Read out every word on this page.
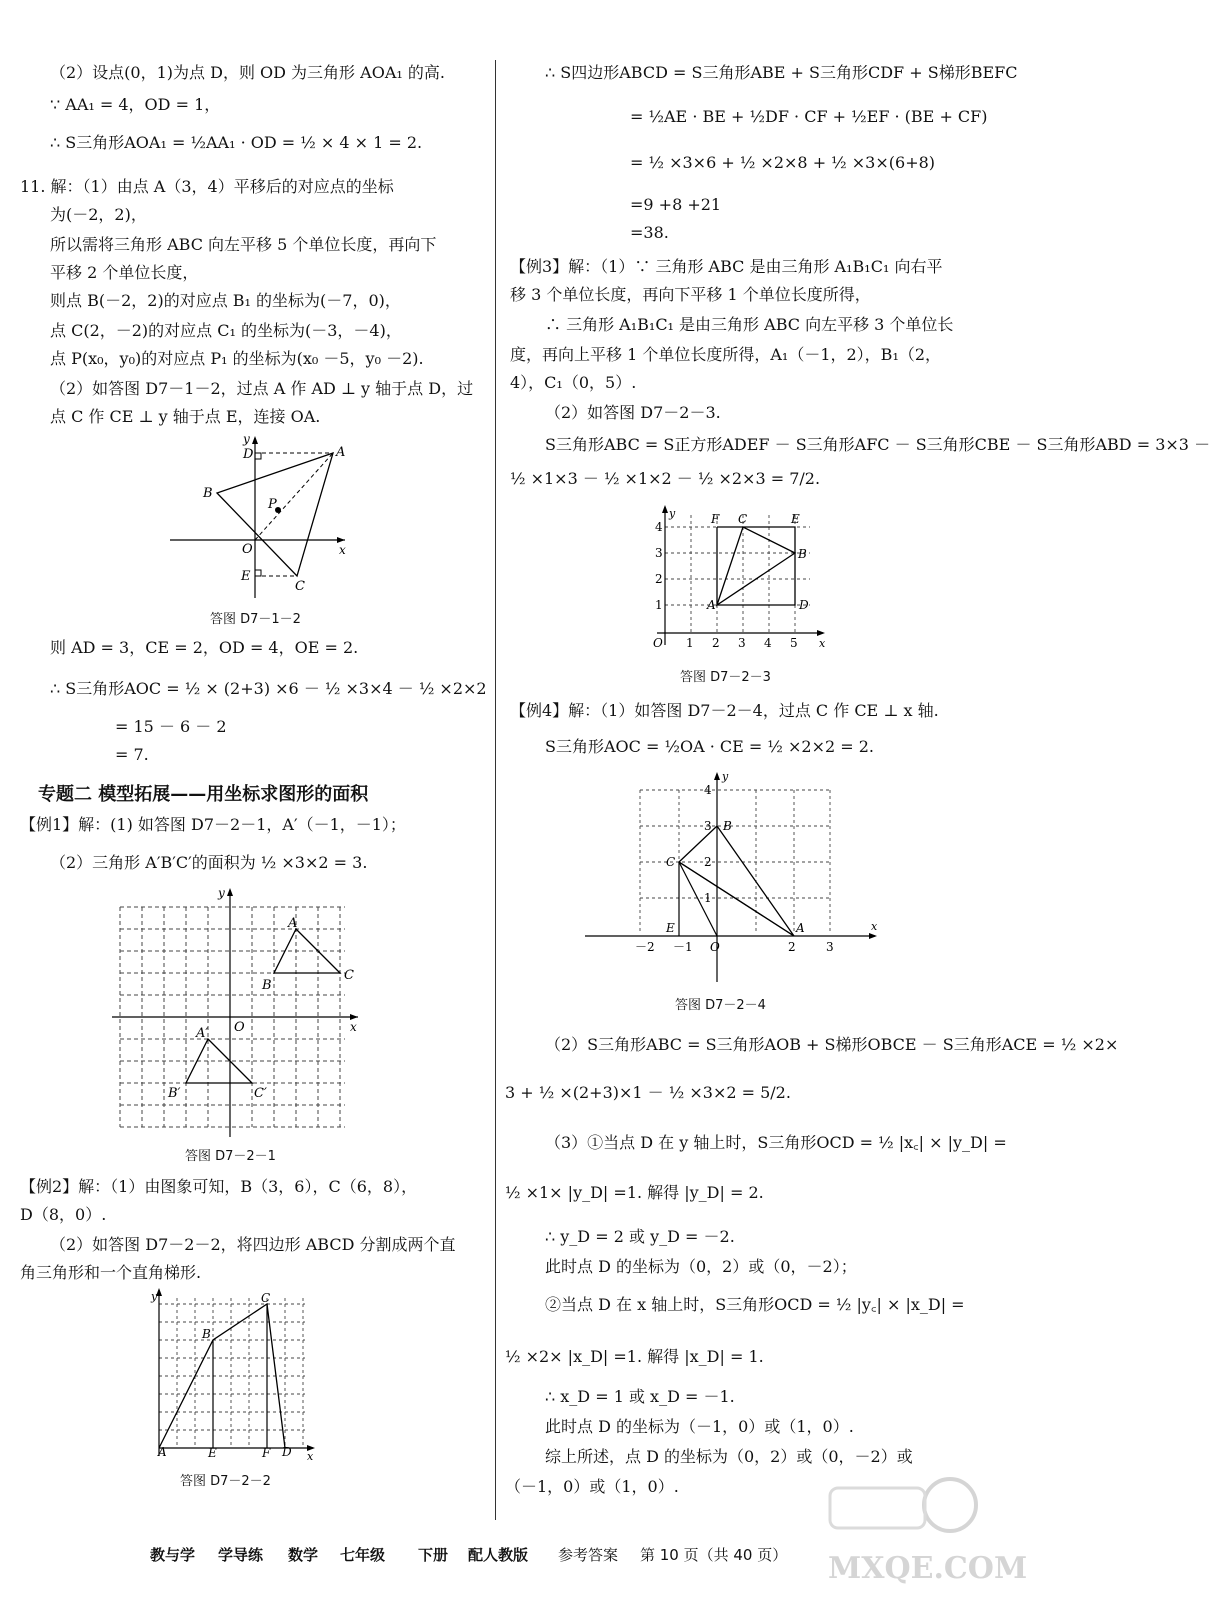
（2）设点(0，1)为点 D，则 OD 为三角形 AOA₁ 的高.
∵ AA₁ = 4，OD = 1，
∴ S三角形AOA₁ = ½AA₁ · OD = ½ × 4 × 1 = 2.
11. 解：（1）由点 A（3，4）平移后的对应点的坐标
为(－2，2)，
所以需将三角形 ABC 向左平移 5 个单位长度，再向下
平移 2 个单位长度，
则点 B(－2，2)的对应点 B₁ 的坐标为(－7，0)，
点 C(2，－2)的对应点 C₁ 的坐标为(－3，－4)，
点 P(x₀，y₀)的对应点 P₁ 的坐标为(x₀ －5，y₀ －2).
（2）如答图 D7－1－2，过点 A 作 AD ⊥ y 轴于点 D，过
点 C 作 CE ⊥ y 轴于点 E，连接 OA.
y
D	A
B
P
O	x
E
C
答图 D7－1－2
则 AD = 3，CE = 2，OD = 4，OE = 2.
∴ S三角形AOC = ½ × (2+3) ×6 － ½ ×3×4 － ½ ×2×2
= 15 － 6 － 2
= 7.
专题二 模型拓展——用坐标求图形的面积
【例1】解：(1) 如答图 D7－2－1，A′（－1，－1）；
（2）三角形 A′B′C′的面积为 ½ ×3×2 = 3.
y
O	x
A
B
C
A′
B′	C′
答图 D7－2－1
【例2】解：（1）由图象可知，B（3，6），C（6，8），
D（8，0）.
（2）如答图 D7－2－2，将四边形 ABCD 分割成两个直
角三角形和一个直角梯形.
y
A
B
C
D
E	F	x
答图 D7－2－2
∴ S四边形ABCD = S三角形ABE + S三角形CDF + S梯形BEFC
= ½AE · BE + ½DF · CF + ½EF · (BE + CF)
= ½ ×3×6 + ½ ×2×8 + ½ ×3×(6+8)
=9 +8 +21
=38.
【例3】解：（1）∵ 三角形 ABC 是由三角形 A₁B₁C₁ 向右平
移 3 个单位长度，再向下平移 1 个单位长度所得，
∴ 三角形 A₁B₁C₁ 是由三角形 ABC 向左平移 3 个单位长
度，再向上平移 1 个单位长度所得，A₁（－1，2），B₁（2，
4），C₁（0，5）.
（2）如答图 D7－2－3.
S三角形ABC = S正方形ADEF － S三角形AFC － S三角形CBE － S三角形ABD = 3×3 －
½ ×1×3 － ½ ×1×2 － ½ ×2×3 = 7/2.
4
3
2
1
O 1 2 3 4 5 x
y	F C	E
B
A	D
答图 D7－2－3
【例4】解：（1）如答图 D7－2－4，过点 C 作 CE ⊥ x 轴.
S三角形AOC = ½OA · CE = ½ ×2×2 = 2.
y
4
3
2
1
B
C
E	A
－2 －1 O	2	3
x
答图 D7－2－4
（2）S三角形ABC = S三角形AOB + S梯形OBCE － S三角形ACE = ½ ×2×
3 + ½ ×(2+3)×1 － ½ ×3×2 = 5/2.
（3）①当点 D 在 y 轴上时，S三角形OCD = ½ |x꜀| × |y_D| =
½ ×1× |y_D| =1. 解得 |y_D| = 2.
∴ y_D = 2 或 y_D = －2.
此时点 D 的坐标为（0，2）或（0，－2）；
②当点 D 在 x 轴上时，S三角形OCD = ½ |y꜀| × |x_D| =
½ ×2× |x_D| =1. 解得 |x_D| = 1.
∴ x_D = 1 或 x_D = －1.
此时点 D 的坐标为（－1，0）或（1，0）.
综上所述，点 D 的坐标为（0，2）或（0，－2）或
（－1，0）或（1，0）.
教与学 学导练 数学 七年级 下册 配人教版 参考答案 第 10 页（共 40 页） MXQE.COM
